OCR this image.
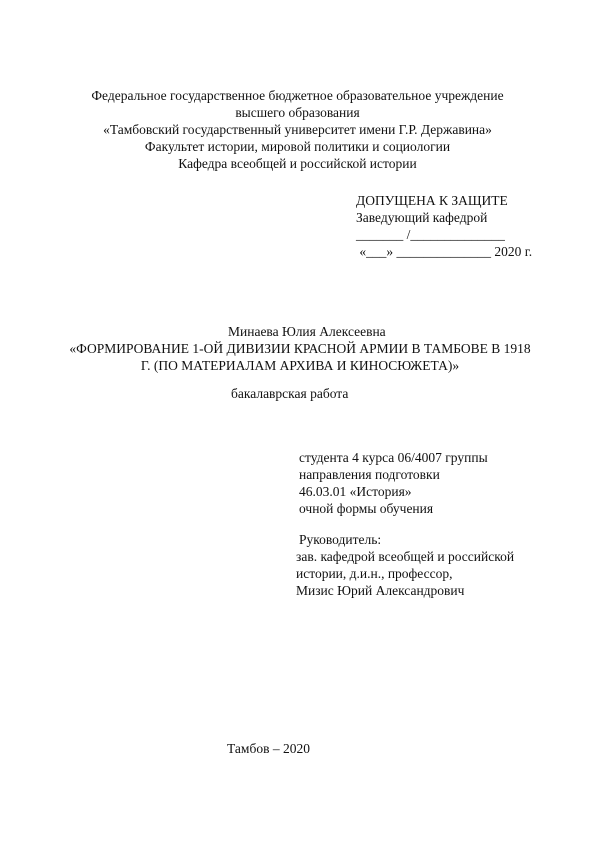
Федеральное государственное бюджетное образовательное учреждение
высшего образования
«Тамбовский государственный университет имени Г.Р. Державина»
Факультет истории, мировой политики и социологии
Кафедра всеобщей и российской истории
ДОПУЩЕНА К ЗАЩИТЕ
Заведующий кафедрой
_______ /______________
«___» ______________ 2020 г.
Минаева Юлия Алексеевна
«ФОРМИРОВАНИЕ 1-ОЙ ДИВИЗИИ КРАСНОЙ АРМИИ В ТАМБОВЕ В 1918
Г. (ПО МАТЕРИАЛАМ АРХИВА И КИНОСЮЖЕТА)»
бакалаврская работа
студента 4 курса 06/4007 группы
направления подготовки
46.03.01 «История»
очной формы обучения
Руководитель:
зав. кафедрой всеобщей и российской
истории, д.и.н., профессор,
Мизис Юрий Александрович
Тамбов – 2020
